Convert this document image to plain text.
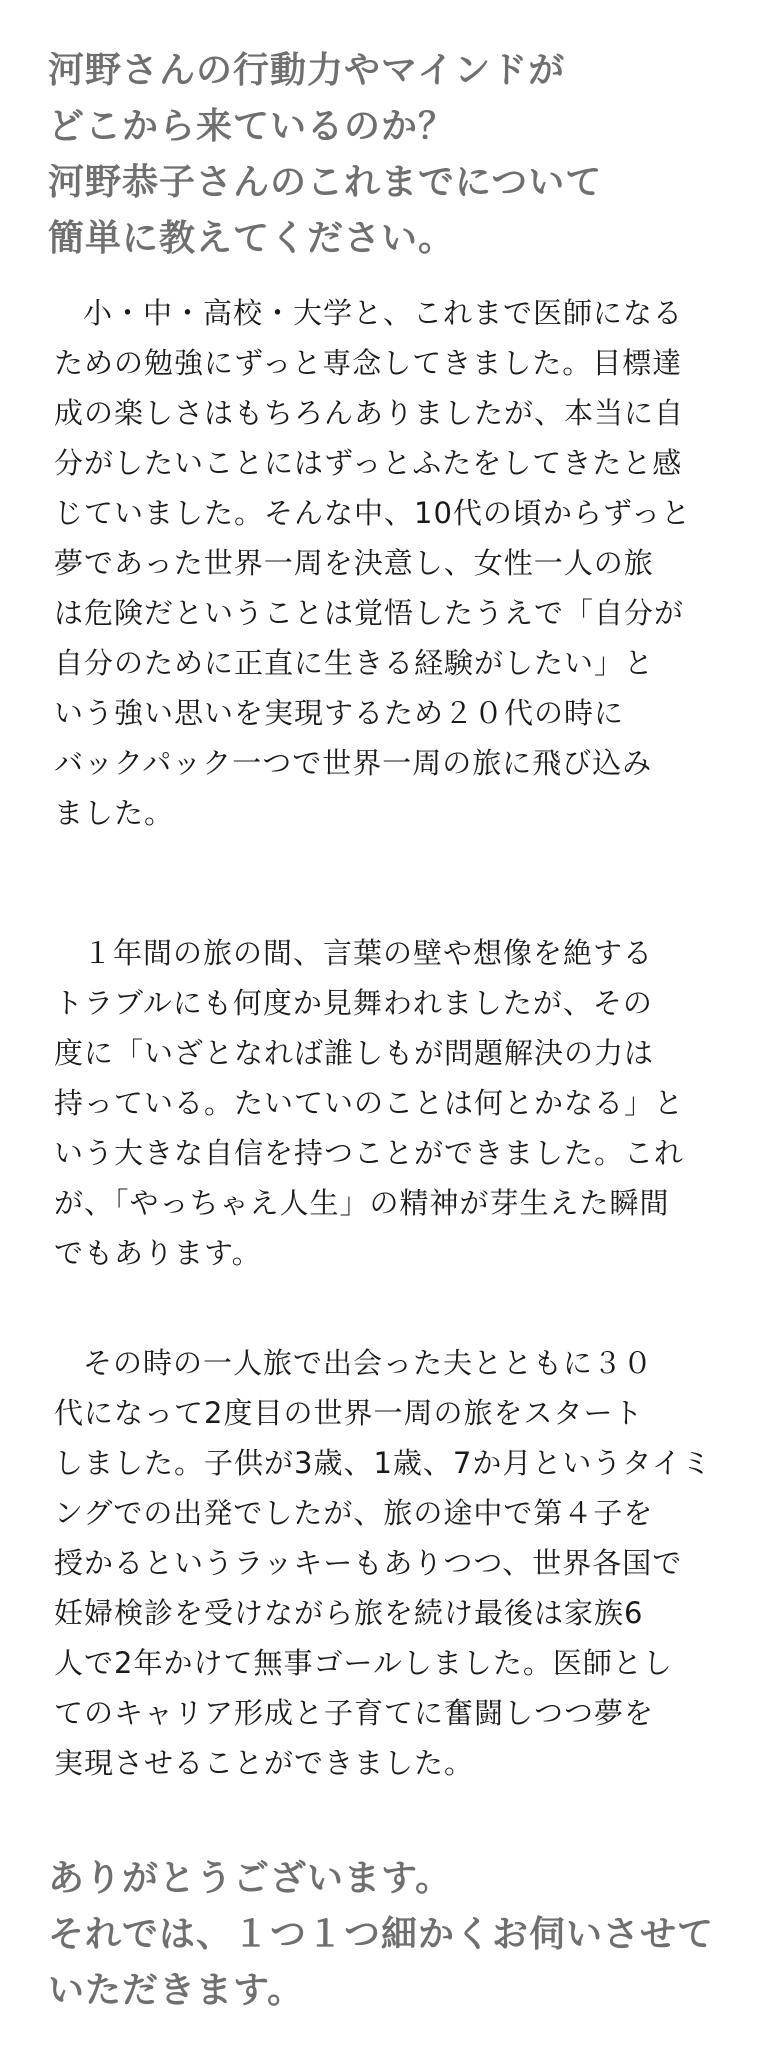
河野さんの行動力やマインドが
どこから来ているのか？
河野恭子さんのこれまでについて
簡単に教えてください。

小・中・高校・大学と、これまで医師になる
ための勉強にずっと専念してきました。目標達
成の楽しさはもちろんありましたが、本当に自
分がしたいことにはずっとふたをしてきたと感
じていました。そんな中、10代の頃からずっと
夢であった世界一周を決意し、女性一人の旅
は危険だということは覚悟したうえで「自分が
自分のために正直に生きる経験がしたい」と
いう強い思いを実現するため２０代の時に
バックパック一つで世界一周の旅に飛び込み
ました。

１年間の旅の間、言葉の壁や想像を絶する
トラブルにも何度か見舞われましたが、その
度に「いざとなれば誰しもが問題解決の力は
持っている。たいていのことは何とかなる」と
いう大きな自信を持つことができました。これ
が、「やっちゃえ人生」の精神が芽生えた瞬間
でもあります。

その時の一人旅で出会った夫とともに３０
代になって2度目の世界一周の旅をスタート
しました。子供が3歳、1歳、7か月というタイミ
ングでの出発でしたが、旅の途中で第４子を
授かるというラッキーもありつつ、世界各国で
妊婦検診を受けながら旅を続け最後は家族6
人で2年かけて無事ゴールしました。医師とし
てのキャリア形成と子育てに奮闘しつつ夢を
実現させることができました。

ありがとうございます。
それでは、１つ１つ細かくお伺いさせて
いただきます。
